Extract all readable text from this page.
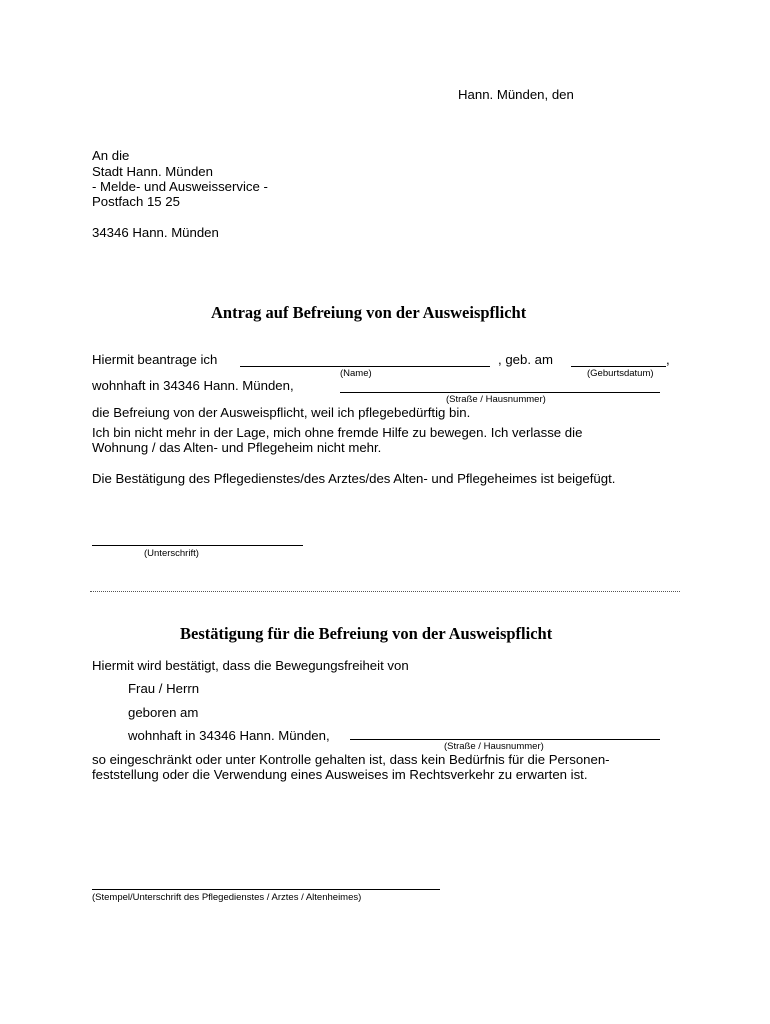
Hann. Münden, den
An die
Stadt Hann. Münden
- Melde- und Ausweisservice -
Postfach 15 25
34346 Hann. Münden
Antrag auf Befreiung von der Ausweispflicht
Hiermit beantrage ich	, geb. am	,
(Name)	(Geburtsdatum)
wohnhaft in 34346 Hann. Münden,
(Straße / Hausnummer)
die Befreiung von der Ausweispflicht, weil ich pflegebedürftig bin.
Ich bin nicht mehr in der Lage, mich ohne fremde Hilfe zu bewegen. Ich verlasse die
Wohnung / das Alten- und Pflegeheim nicht mehr.
Die Bestätigung des Pflegedienstes/des Arztes/des Alten- und Pflegeheimes ist beigefügt.
(Unterschrift)
Bestätigung für die Befreiung von der Ausweispflicht
Hiermit wird bestätigt, dass die Bewegungsfreiheit von
Frau / Herrn
geboren am
wohnhaft in 34346 Hann. Münden,
(Straße / Hausnummer)
so eingeschränkt oder unter Kontrolle gehalten ist, dass kein Bedürfnis für die Personen-
feststellung oder die Verwendung eines Ausweises im Rechtsverkehr zu erwarten ist.
(Stempel/Unterschrift des Pflegedienstes / Arztes / Altenheimes)
